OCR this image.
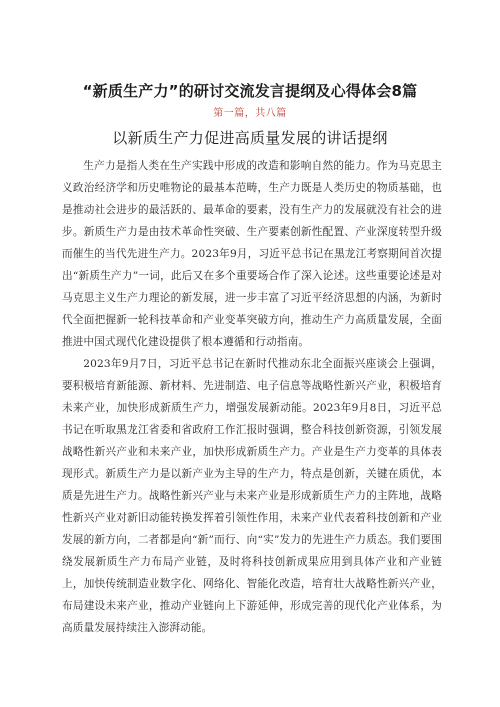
“新质生产力”的研讨交流发言提纲及心得体会8篇
第一篇，共八篇
以新质生产力促进高质量发展的讲话提纲

生产力是指人类在生产实践中形成的改造和影响自然的能力。作为马克思主义政治经济学和历史唯物论的最基本范畴，生产力既是人类历史的物质基础，也是推动社会进步的最活跃的、最革命的要素，没有生产力的发展就没有社会的进步。新质生产力是由技术革命性突破、生产要素创新性配置、产业深度转型升级而催生的当代先进生产力。2023年9月，习近平总书记在黑龙江考察期间首次提出“新质生产力”一词，此后又在多个重要场合作了深入论述。这些重要论述是对马克思主义生产力理论的新发展，进一步丰富了习近平经济思想的内涵，为新时代全面把握新一轮科技革命和产业变革突破方向，推动生产力高质量发展，全面推进中国式现代化建设提供了根本遵循和行动指南。

2023年9月7日，习近平总书记在新时代推动东北全面振兴座谈会上强调，要积极培育新能源、新材料、先进制造、电子信息等战略性新兴产业，积极培育未来产业，加快形成新质生产力，增强发展新动能。2023年9月8日，习近平总书记在听取黑龙江省委和省政府工作汇报时强调，整合科技创新资源，引领发展战略性新兴产业和未来产业，加快形成新质生产力。产业是生产力变革的具体表现形式。新质生产力是以新产业为主导的生产力，特点是创新，关键在质优，本质是先进生产力。战略性新兴产业与未来产业是形成新质生产力的主阵地，战略性新兴产业对新旧动能转换发挥着引领性作用，未来产业代表着科技创新和产业发展的新方向，二者都是向“新”而行、向“实”发力的先进生产力质态。我们要围绕发展新质生产力布局产业链，及时将科技创新成果应用到具体产业和产业链上，加快传统制造业数字化、网络化、智能化改造，培育壮大战略性新兴产业，布局建设未来产业，推动产业链向上下游延伸，形成完善的现代化产业体系，为高质量发展持续注入澎湃动能。
